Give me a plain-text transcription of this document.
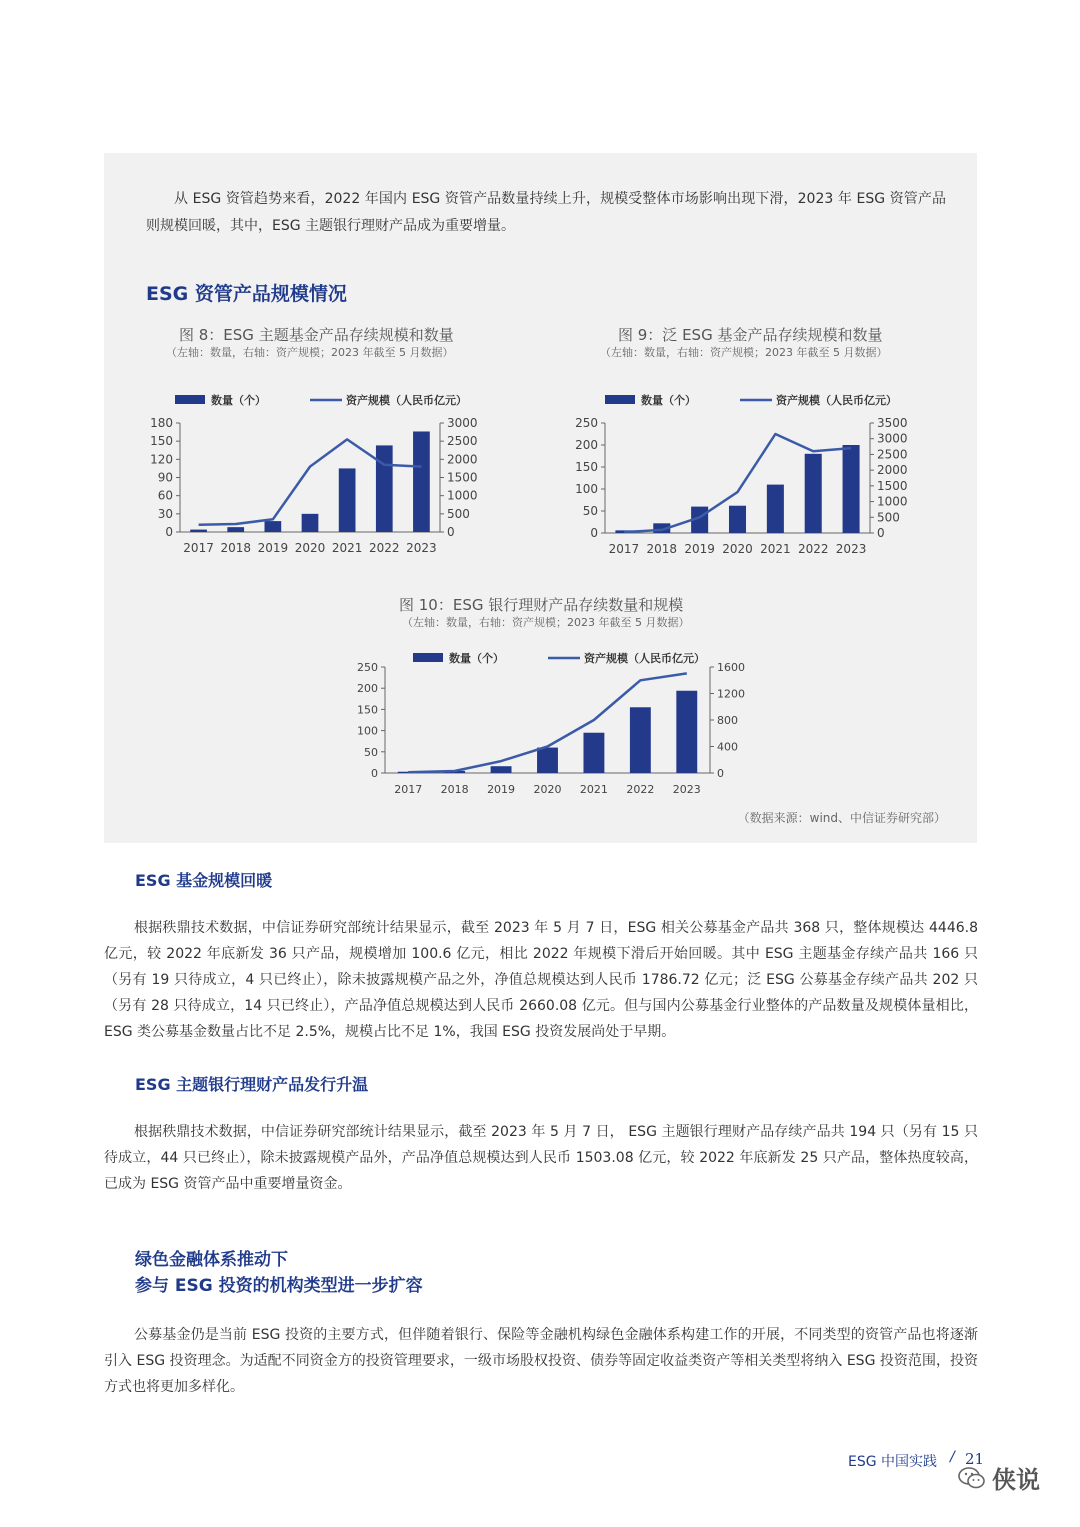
从 ESG 资管趋势来看，2022 年国内 ESG 资管产品数量持续上升，规模受整体市场影响出现下滑，2023 年 ESG 资管产品则规模回暖，其中，ESG 主题银行理财产品成为重要增量。
ESG 资管产品规模情况
图 8：ESG 主题基金产品存续规模和数量
（左轴：数量，右轴：资产规模；2023 年截至 5 月数据）
数量（个）	资产规模（人民币亿元）
0
30
60
90
120
150
180
0
500
1000
1500
2000
2500
3000
2017 2018 2019 2020 2021 2022 2023
图 9：泛 ESG 基金产品存续规模和数量
（左轴：数量，右轴：资产规模；2023 年截至 5 月数据）
数量（个）	资产规模（人民币亿元）
0
50
100
150
200
250
0
500
1000
1500
2000
2500
3000
3500
2017 2018 2019 2020 2021 2022 2023
图 10：ESG 银行理财产品存续数量和规模
（左轴：数量，右轴：资产规模；2023 年截至 5 月数据）
数量（个）	资产规模（人民币亿元）
0
50
100
150
200
250
0
400
800
1200
1600
2017 2018 2019 2020 2021 2022 2023
（数据来源：wind、中信证券研究部）
ESG 基金规模回暖
根据秩鼎技术数据，中信证券研究部统计结果显示，截至 2023 年 5 月 7 日，ESG 相关公募基金产品共 368 只，整体规模达 4446.8 亿元，较 2022 年底新发 36 只产品，规模增加 100.6 亿元，相比 2022 年规模下滑后开始回暖。其中 ESG 主题基金存续产品共 166 只（另有 19 只待成立，4 只已终止），除未披露规模产品之外，净值总规模达到人民币 1786.72 亿元；泛 ESG 公募基金存续产品共 202 只（另有 28 只待成立，14 只已终止），产品净值总规模达到人民币 2660.08 亿元。但与国内公募基金行业整体的产品数量及规模体量相比，ESG 类公募基金数量占比不足 2.5%，规模占比不足 1%，我国 ESG 投资发展尚处于早期。
ESG 主题银行理财产品发行升温
根据秩鼎技术数据，中信证券研究部统计结果显示，截至 2023 年 5 月 7 日， ESG 主题银行理财产品存续产品共 194 只（另有 15 只待成立，44 只已终止），除未披露规模产品外，产品净值总规模达到人民币 1503.08 亿元，较 2022 年底新发 25 只产品，整体热度较高，已成为 ESG 资管产品中重要增量资金。
绿色金融体系推动下
参与 ESG 投资的机构类型进一步扩容
公募基金仍是当前 ESG 投资的主要方式，但伴随着银行、保险等金融机构绿色金融体系构建工作的开展，不同类型的资管产品也将逐渐引入 ESG 投资理念。为适配不同资金方的投资管理要求，一级市场股权投资、债券等固定收益类资产等相关类型将纳入 ESG 投资范围，投资方式也将更加多样化。
ESG 中国实践 / 21
侠说
